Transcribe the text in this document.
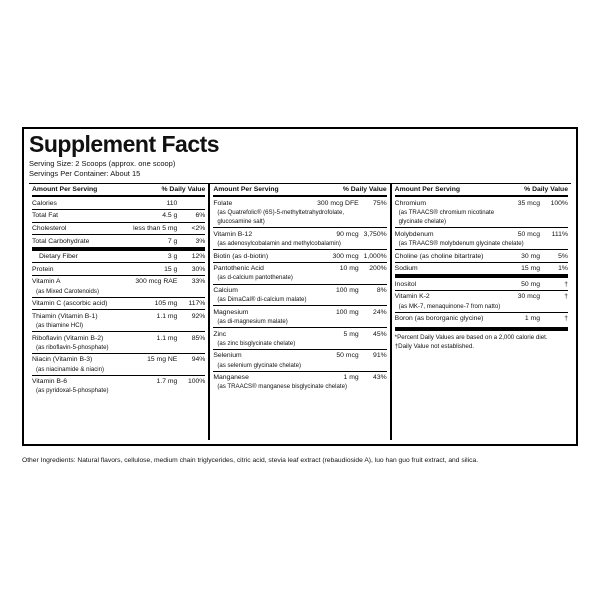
Supplement Facts
Serving Size: 2 Scoops (approx. one scoop)
Servings Per Container: About 15
Amount Per Serving	% Daily Value
Calories	110
Total Fat	4.5 g	6%
Cholesterol	less than 5 mg	<2%
Total Carbohydrate	7 g	3%
Dietary Fiber	3 g	12%
Protein	15 g	30%
Vitamin A	300 mcg RAE	33%
(as Mixed Carotenoids)
Vitamin C (ascorbic acid)	105 mg	117%
Thiamin (Vitamin B-1)	1.1 mg	92%
(as thiamine HCl)
Riboflavin (Vitamin B-2)	1.1 mg	85%
(as riboflavin-5-phosphate)
Niacin (Vitamin B-3)	15 mg NE	94%
(as niacinamide & niacin)
Vitamin B-6	1.7 mg	100%
(as pyridoxal-5-phosphate)
Amount Per Serving	% Daily Value
Folate	300 mcg DFE	75%
(as Quatrefolic® (6S)-5-methyltetrahydrofolate,
glucosamine salt)
Vitamin B-12	90 mcg 3,750%
(as adenosylcobalamin and methylcobalamin)
Biotin (as d-biotin)	300 mcg 1,000%
Pantothenic Acid	10 mg	200%
(as d-calcium pantothenate)
Calcium	100 mg	8%
(as DimaCal® di-calcium malate)
Magnesium	100 mg	24%
(as di-magnesium malate)
Zinc	5 mg	45%
(as zinc bisglycinate chelate)
Selenium	50 mcg	91%
(as selenium glycinate chelate)
Manganese	1 mg	43%
(as TRAACS® manganese bisglycinate chelate)
Amount Per Serving	% Daily Value
Chromium	35 mcg	100%
(as TRAACS® chromium nicotinate
glycinate chelate)
Molybdenum	50 mcg	111%
(as TRAACS® molybdenum glycinate chelate)
Choline (as choline bitartrate)	30 mg	5%
Sodium	15 mg	1%
Inositol	50 mg	†
Vitamin K-2	30 mcg	†
(as MK-7, menaquinone-7 from natto)
Boron (as bororganic glycine)	1 mg	†
*Percent Daily Values are based on a 2,000 calorie diet.
†Daily Value not established.
Other Ingredients: Natural flavors, cellulose, medium chain triglycerides, citric acid, stevia leaf extract (rebaudioside A), luo han guo fruit extract, and silica.
